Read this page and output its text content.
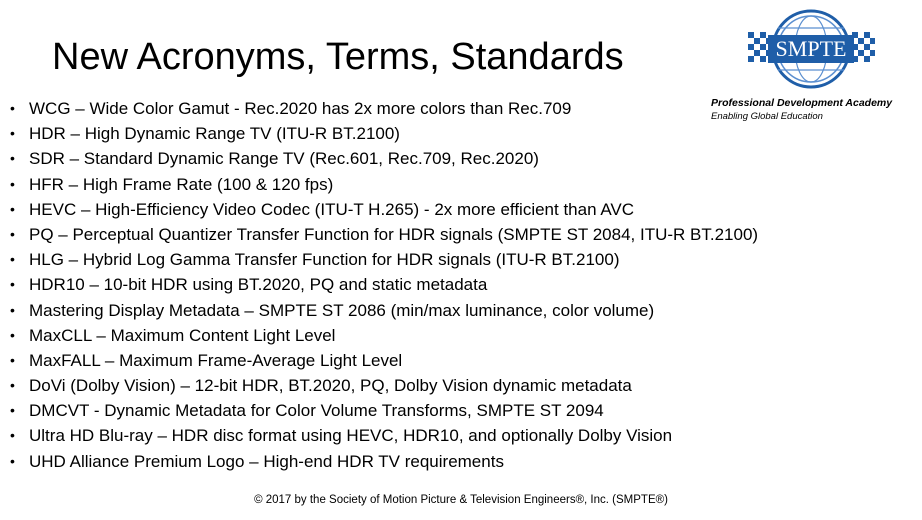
New Acronyms, Terms, Standards	SMPTE
Professional Development Academy
Enabling Global Education
• WCG – Wide Color Gamut - Rec.2020 has 2x more colors than Rec.709
• HDR – High Dynamic Range TV (ITU-R BT.2100)
• SDR – Standard Dynamic Range TV (Rec.601, Rec.709, Rec.2020)
• HFR – High Frame Rate (100 & 120 fps)
• HEVC – High-Efficiency Video Codec (ITU-T H.265) - 2x more efficient than AVC
• PQ – Perceptual Quantizer Transfer Function for HDR signals (SMPTE ST 2084, ITU-R BT.2100)
• HLG – Hybrid Log Gamma Transfer Function for HDR signals (ITU-R BT.2100)
• HDR10 – 10-bit HDR using BT.2020, PQ and static metadata
• Mastering Display Metadata – SMPTE ST 2086 (min/max luminance, color volume)
• MaxCLL – Maximum Content Light Level
• MaxFALL – Maximum Frame-Average Light Level
• DoVi (Dolby Vision) – 12-bit HDR, BT.2020, PQ, Dolby Vision dynamic metadata
• DMCVT - Dynamic Metadata for Color Volume Transforms, SMPTE ST 2094
• Ultra HD Blu-ray – HDR disc format using HEVC, HDR10, and optionally Dolby Vision
• UHD Alliance Premium Logo – High-end HDR TV requirements
© 2017 by the Society of Motion Picture & Television Engineers®, Inc. (SMPTE®)
